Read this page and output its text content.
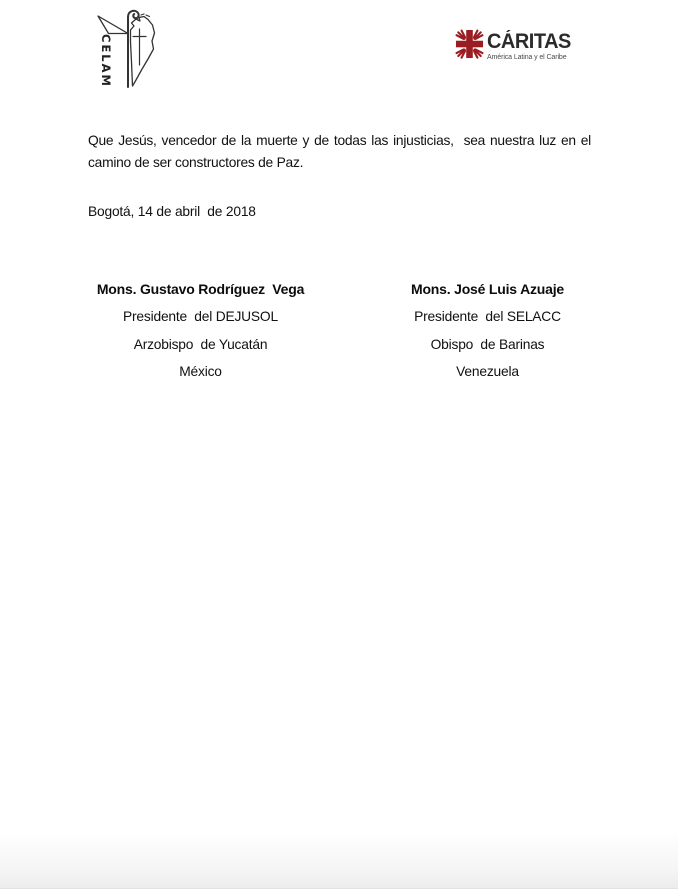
CELAM	CÁRITAS
América Latina y el Caribe

Que Jesús, vencedor de la muerte y de todas las injusticias,  sea nuestra luz en el camino de ser constructores de Paz.

Bogotá, 14 de abril  de 2018

Mons. Gustavo Rodríguez  Vega
Presidente  del DEJUSOL
Arzobispo  de Yucatán
México
Mons. José Luis Azuaje
Presidente  del SELACC
Obispo  de Barinas
Venezuela
